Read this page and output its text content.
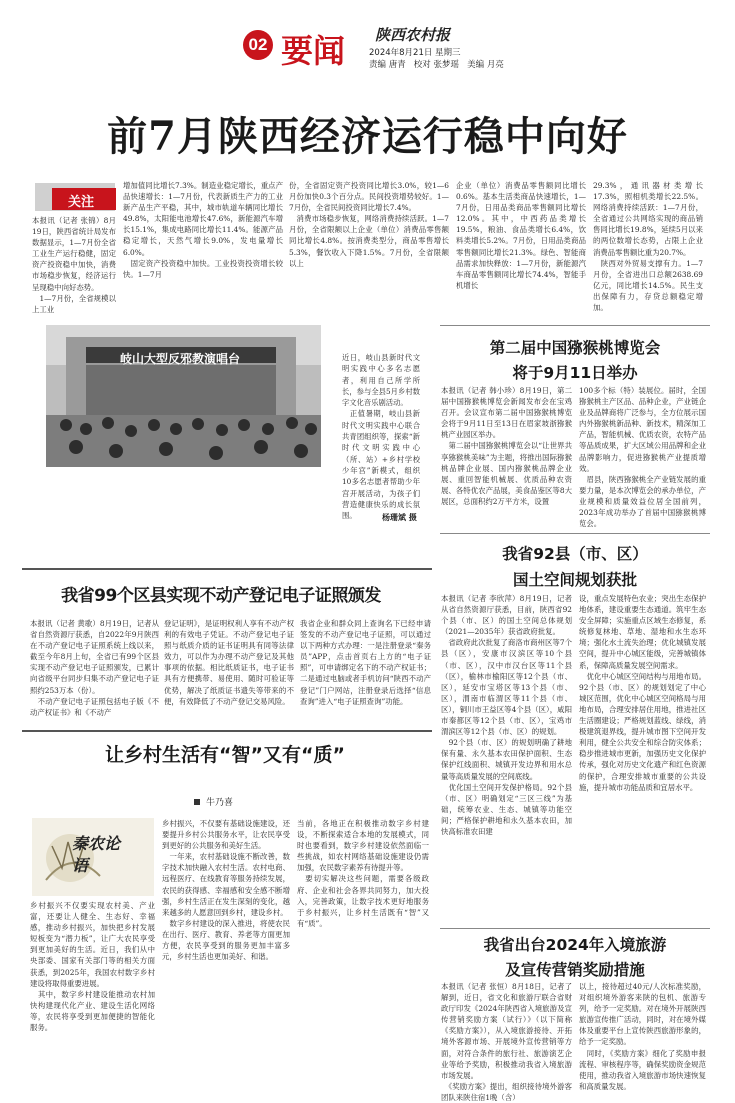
02 要闻 陕西农村报
2024年8月21日 星期三
责编 唐青   校对 张梦瑶   美编 月亮
前7月陕西经济运行稳中向好
关注
本报讯（记者 张锦）8月19日，陕西省统计局发布数据显示，1—7月份全省工业生产运行稳健，固定资产投资稳中加快，消费市场稳步恢复，经济运行呈现稳中向好态势。
　1—7月份，全省规模以上工业
增加值同比增长7.3%。制造业稳定增长，重点产品快速增长：1—7月份，代表新质生产力的工业新产品生产平稳，其中，城市轨道车辆同比增长49.8%，太阳能电池增长47.6%，新能源汽车增长15.1%，集成电路同比增长11.4%。能源产品稳定增长，天然气增长9.0%，发电量增长6.0%。
　固定资产投资稳中加快。工业投资投资增长较快。1—7月
份，全省固定资产投资同比增长3.0%，较1—6月份加快0.3个百分点。民间投资增势较好。1—7月份，全省民间投资同比增长7.4%。
　消费市场稳步恢复，网络消费持续活跃。1—7月份，全省限额以上企业（单位）消费品零售额同比增长4.8%。按消费类型分，商品零售增长5.3%，餐饮收入下降1.5%。7月份，全省限额以上
企业（单位）消费品零售额同比增长0.6%。基本生活类商品快速增长，1—7月份，日用品类商品零售额同比增长12.0%。其中，中西药品类增长19.5%，粮油、食品类增长6.4%，饮料类增长5.2%。7月份，日用品类商品零售额同比增长21.3%。绿色、智能商品需求加快释放：1—7月份，新能源汽车商品零售额同比增长74.4%，智能手机增长
29.3%，通讯器材类增长17.3%，照相机类增长22.5%。网络消费持续活跃：1—7月份，全省通过公共网络实现的商品销售同比增长19.8%，延续5月以来的两位数增长态势，占限上企业消费品零售额比重为20.7%。
　陕西对外贸易支撑有力。1—7月份，全省进出口总额2638.69亿元，同比增长14.5%。民生支出保障有力，存贷总额稳定增加。
岐山大型反邪教演唱台	近日，岐山县新时代文明实践中心多名志愿者，利用自己所学所长，参与全县5月乡村数字文化音乐剧活动。
　正值暑期，岐山县新时代文明实践中心联合共青团组织等，探索“新时代文明实践中心（所、站）+乡村学校少年宫”新模式，组织10多名志愿者帮助少年宫开展活动，为孩子们营造健康快乐的成长氛围。	杨珊斌 摄
第二届中国猕猴桃博览会
将于9月11日举办
本报讯（记者 韩小珍）8月19日，第二届中国猕猴桃博览会新闻发布会在宝鸡召开。会议宣布第二届中国猕猴桃博览会将于9月11日至13日在眉家坡浙猕猴桃产业园区举办。
　第二届中国猕猴桃博览会以“让世界共享猕猴桃美味”为主题，将推出国际猕猴桃品牌企业展、国内猕猴桃品牌企业展、重回智能机械展、优质品种农资展、各特优农产品展，美食品鉴区等8大展区，总面积约2万平方米，设置
100多个标（特）装展位。届时，全国猕猴桃主产区品、品种企业，产业链企业及品牌商将广泛参与，全方位展示国内外猕猴桃新品种、新技术，精深加工产品，智能机械、优质农资，农特产品等品质成果，扩大区域公用品牌和企业品牌影响力，促进猕猴桃产业提质增效。
　眉县，陕西猕猴桃全产业链发展的重要力量，是本次博览会的承办单位，产业规模和质量效益位居全国前列，2023年成功举办了首届中国猕猴桃博览会。
我省92县（市、区）
国土空间规划获批
本报讯（记者 李欣萍）8月19日，记者从省自然资源厅获悉，目前，陕西省92个县（市、区）的国土空间总体规划（2021—2035年）获省政府批复。
　省政府此次批复了商洛市商州区等7个县（区），安康市汉滨区等10个县（市、区），汉中市汉台区等11个县（区），榆林市榆阳区等12个县（市、区），延安市宝塔区等13个县（市、区），渭南市临渭区等11个县（市、区），铜川市王益区等4个县（区），咸阳市秦都区等12个县（市、区），宝鸡市渭滨区等12个县（市、区）的规划。
　92个县（市、区）的规划明确了耕地保有量、永久基本农田保护面积、生态保护红线面积、城镇开发边界和用水总量等高质量发展的空间底线。
　优化国土空间开发保护格局。92个县（市、区）明确划定“三区三线”为基础，统筹农业、生态、城镇等功能空间；严格保护耕地和永久基本农田，加快高标准农田建
设，重点发展特色农业；突出生态保护地体系，建设重要生态通道。筑牢生态安全屏障；实施重点区域生态修复，系统修复林地、草地、湿地和水生态环境；强化水土流失治理；优化城镇发展空间，提升中心城区能级，完善城镇体系，保障高质量发展空间需求。
　优化中心城区空间结构与用地布局。92个县（市、区）的规划划定了中心城区范围，优化中心城区空间格局与用地布局，合理安排居住用地，推进社区生活圈建设；严格规划蓝线、绿线，消极建筑退界线，提升城市图下空间开发利用，健全公共安全和综合防灾体系；稳步推进城市更新，加强历史文化保护传承，强化对历史文化遗产和红色资源的保护，合理安排城市重要的公共设施，提升城市功能品质和宜居水平。
我省99个区县实现不动产登记电子证照颁发
本报讯（记者 黄歌）8月19日，记者从省自然资源厅获悉，自2022年9月陕西在不动产登记电子证照系统上线以来，截至今年8月上旬，全省已有99个区县实现不动产登记电子证照颁发，已累计向省级平台同步归集不动产登记电子证照约253万本（份）。
　不动产登记电子证照包括电子版《不动产权证书》和《不动产
登记证明》，是证明权利人享有不动产权利的有效电子凭证。不动产登记电子证照与纸质介质的证书证明具有同等法律效力，可以作为办理不动产登记及其他事项的依据。相比纸质证书，电子证书具有方便携带、易使用、随时可验证等优势，解决了纸质证书遗失等带来的不便，有效降低了不动产登记交易风险。
我省企业和群众同上查询名下已经申请签发的不动产登记电子证照，可以通过以下两种方式办理：一是注册登录“秦务员”APP，点击首页右上方的“电子证照”，可申请绑定名下的不动产权证书；二是通过电脑或者手机访问“陕西不动产登记”门户网站，注册登录后选择“信息查询”进入“电子证照查询”功能。
让乡村生活有“智”又有“质”
牛乃喜
秦农论语
乡村振兴不仅要实现农村美、产业富，还要让人健全、生态好、幸福感，推动乡村振兴，加快把乡村发展短板变为“潜力板”，让广大农民享受到更加美好的生活。近日，我们从中央部委、国家有关部门等的相关方面获悉，到2025年，我国农村数字乡村建设将取得重要进展。
　其中，数字乡村建设能推动农村加快构建现代化产业、建设生活化网络等，农民将享受到更加便捷的智能化服务。
乡村振兴，不仅要有基础设施建设，还要提升乡村公共服务水平，让农民享受到更好的公共服务和美好生活。
　一年来，农村基础设施不断改善，数字技术加快融入农村生活。农村电商、远程医疗、在线教育等服务持续发展，农民的获得感、幸福感和安全感不断增强，乡村生活正在发生深刻的变化，越来越多的人愿意回到乡村，建设乡村。
　数字乡村建设的深入推进，将使农民在出行、医疗、教育、养老等方面更加方便，农民享受到的服务更加丰富多元，乡村生活也更加美好、和谐。
当前，各地正在积极推动数字乡村建设，不断探索适合本地的发展模式，同时也要看到，数字乡村建设依然面临一些挑战，如农村网络基础设施建设仍需加强，农民数字素养有待提升等。
　要切实解决这些问题，需要各级政府、企业和社会各界共同努力，加大投入，完善政策，让数字技术更好地服务于乡村振兴，让乡村生活既有“智”又有“质”。
我省出台2024年入境旅游
及宣传营销奖励措施
本报讯（记者 张恒）8月18日，记者了解到，近日，省文化和旅游厅联合省财政厅印发《2024年陕西省入境旅游及宣传营销奖励方案（试行）》（以下简称《奖励方案》），从入境旅游接待、开拓境外客源市场、开展境外宣传营销等方面，对符合条件的旅行社、旅游演艺企业等给予奖励，积极推动我省入境旅游市场发展。
　《奖励方案》提出，组织接待境外游客团队来陕住宿1晚（含）
以上，接待超过40元/人次标准奖励，对组织境外游客来陕的包机、旅游专列，给予一定奖励。对在境外开展陕西旅游宣传推广活动，同时，对在境外媒体及重要平台上宣传陕西旅游形象的，给予一定奖励。
　同时，《奖励方案》细化了奖励申报流程、审核程序等，确保奖励资金规范使用，推动我省入境旅游市场快速恢复和高质量发展。
